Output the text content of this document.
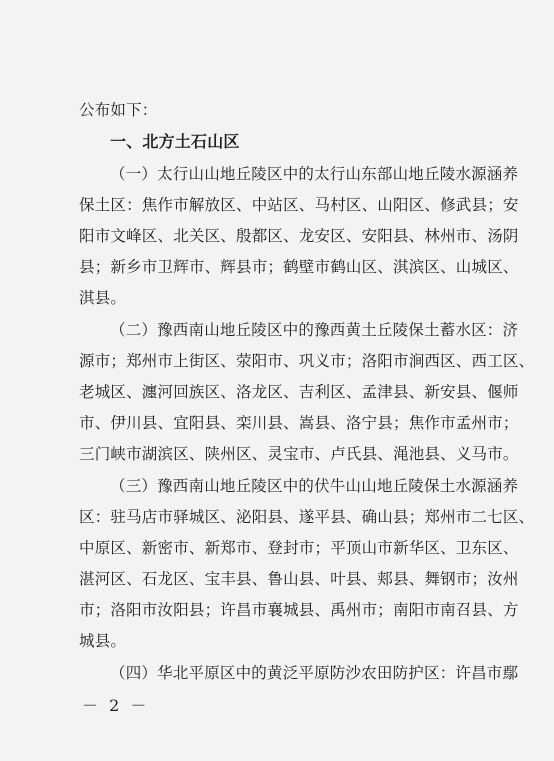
公布如下：
一、北方土石山区
（一）太行山山地丘陵区中的太行山东部山地丘陵水源涵养
保土区：焦作市解放区、中站区、马村区、山阳区、修武县；安
阳市文峰区、北关区、殷都区、龙安区、安阳县、林州市、汤阴
县；新乡市卫辉市、辉县市；鹤壁市鹤山区、淇滨区、山城区、
淇县。
（二）豫西南山地丘陵区中的豫西黄土丘陵保土蓄水区：济
源市；郑州市上街区、荥阳市、巩义市；洛阳市涧西区、西工区、
老城区、瀍河回族区、洛龙区、吉利区、孟津县、新安县、偃师
市、伊川县、宜阳县、栾川县、嵩县、洛宁县；焦作市孟州市；
三门峡市湖滨区、陕州区、灵宝市、卢氏县、渑池县、义马市。
（三）豫西南山地丘陵区中的伏牛山山地丘陵保土水源涵养
区：驻马店市驿城区、泌阳县、遂平县、确山县；郑州市二七区、
中原区、新密市、新郑市、登封市；平顶山市新华区、卫东区、
湛河区、石龙区、宝丰县、鲁山县、叶县、郏县、舞钢市；汝州
市；洛阳市汝阳县；许昌市襄城县、禹州市；南阳市南召县、方
城县。
（四）华北平原区中的黄泛平原防沙农田防护区：许昌市鄢
－ 2 －
